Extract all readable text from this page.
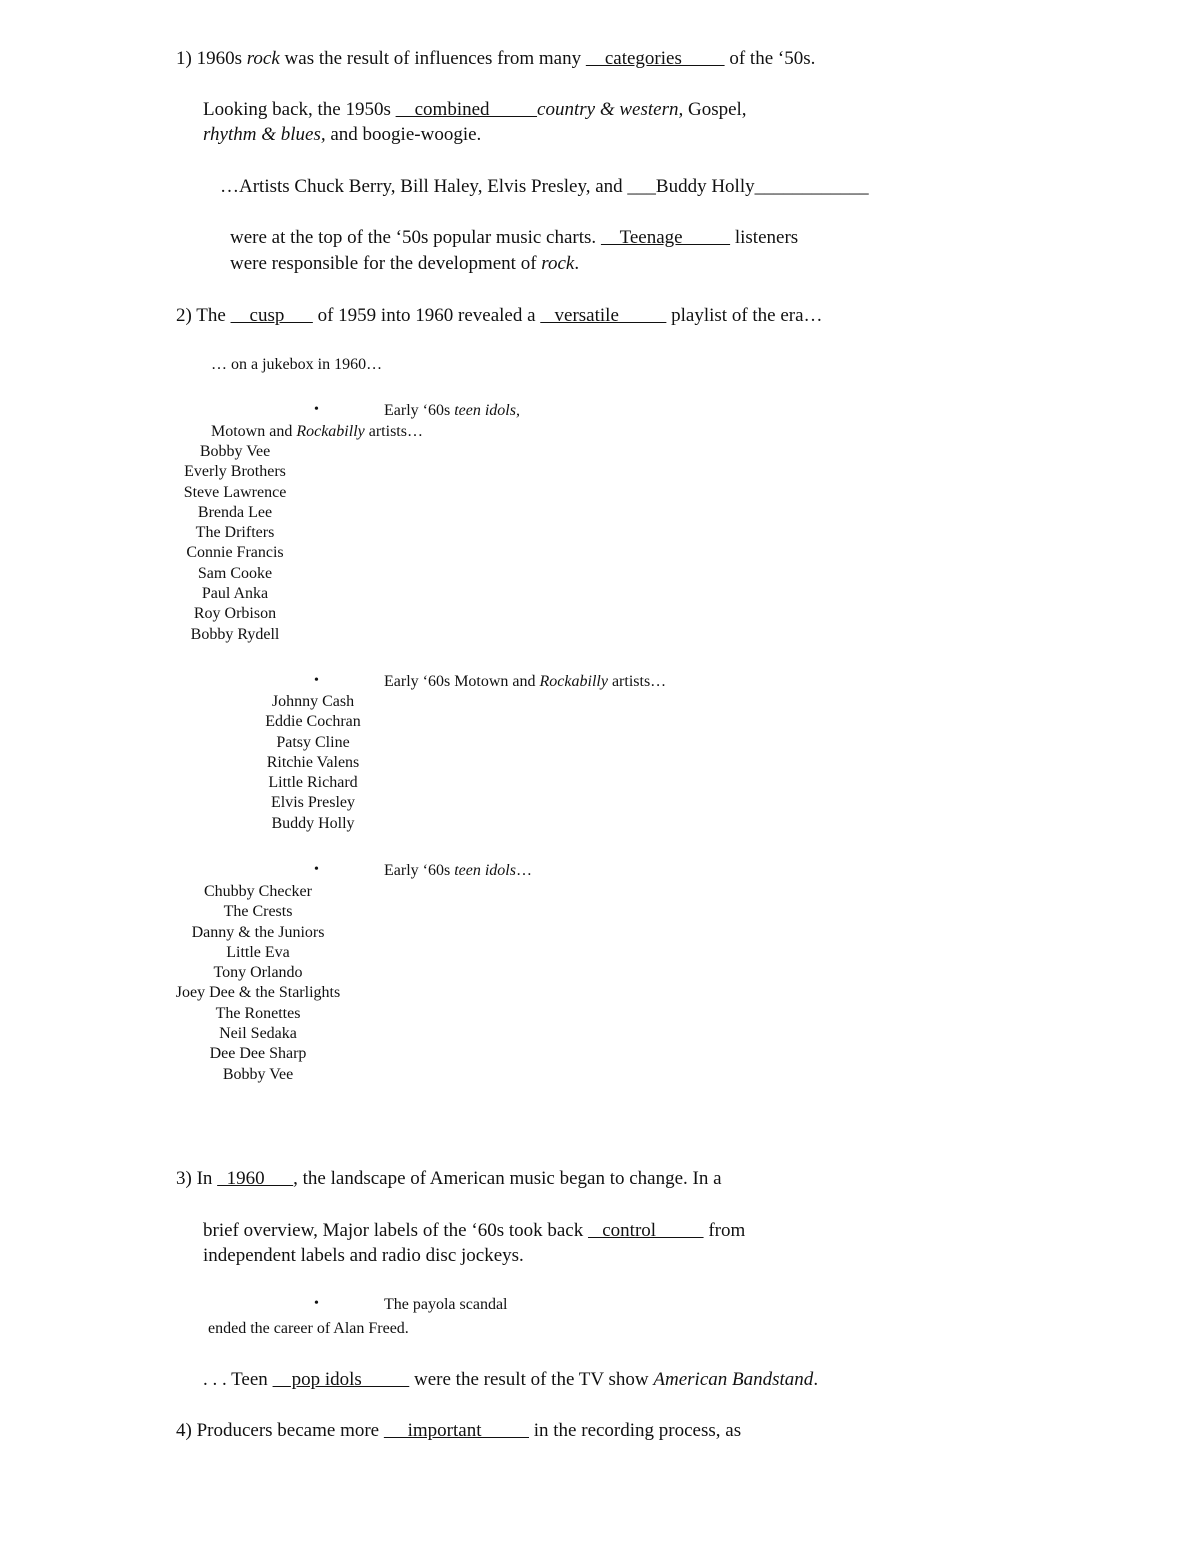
1) 1960s rock was the result of influences from many     categories          of the ‘50s.
Looking back, the 1950s     combined          country & western, Gospel,
rhythm & blues, and boogie-woogie.
…Artists Chuck Berry, Bill Haley, Elvis Presley, and ___Buddy Holly____________
were at the top of the ‘50s popular music charts.     Teenage           listeners
were responsible for the development of rock.
2) The     cusp       of 1959 into 1960 revealed a    versatile           playlist of the era…
… on a jukebox in 1960…
•	Early ‘60s teen idols,
Motown and Rockabilly artists…
Bobby Vee
Everly Brothers
Steve Lawrence
Brenda Lee
The Drifters
Connie Francis
Sam Cooke
Paul Anka
Roy Orbison
Bobby Rydell
•	Early ‘60s Motown and Rockabilly artists…
Johnny Cash
Eddie Cochran
Patsy Cline
Ritchie Valens
Little Richard
Elvis Presley
Buddy Holly
•	Early ‘60s teen idols…
Chubby Checker
The Crests
Danny & the Juniors
Little Eva
Tony Orlando
Joey Dee & the Starlights
The Ronettes
Neil Sedaka
Dee Dee Sharp
Bobby Vee
3) In   1960      , the landscape of American music began to change. In a
brief overview, Major labels of the ‘60s took back    control           from
independent labels and radio disc jockeys.
•	The payola scandal
ended the career of Alan Freed.
. . . Teen     pop idols           were the result of the TV show American Bandstand.
4) Producers became more      important           in the recording process, as
